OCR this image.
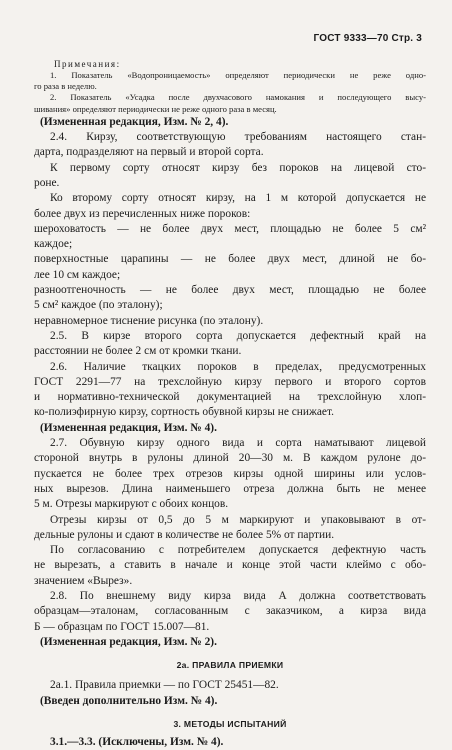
ГОСТ 9333—70 Стр. 3
Примечания:
1. Показатель «Водопроницаемость» определяют периодически не реже одно-
го раза в неделю.
2. Показатель «Усадка после двухчасового намокания и последующего высу-
шивания» определяют периодически не реже одного раза в месяц.
(Измененная редакция, Изм. № 2, 4).
2.4. Кирзу, соответствующую требованиям настоящего стан-
дарта, подразделяют на первый и второй сорта.
К первому сорту относят кирзу без пороков на лицевой сто-
роне.
Ко второму сорту относят кирзу, на 1 м которой допускается не
более двух из перечисленных ниже пороков:
шероховатость — не более двух мест, площадью не более 5 см²
каждое;
поверхностные царапины — не более двух мест, длиной не бо-
лее 10 см каждое;
разноотгеночность — не более двух мест, площадью не более
5 см² каждое (по эталону);
неравномерное тиснение рисунка (по эталону).
2.5. В кирзе второго сорта допускается дефектный край на
расстоянии не более 2 см от кромки ткани.
2.6. Наличие ткацких пороков в пределах, предусмотренных
ГОСТ 2291—77 на трехслойную кирзу первого и второго сортов
и нормативно-технической документацией на трехслойную хлоп-
ко-полиэфирную кирзу, сортность обувной кирзы не снижает.
(Измененная редакция, Изм. № 4).
2.7. Обувную кирзу одного вида и сорта наматывают лицевой
стороной внутрь в рулоны длиной 20—30 м. В каждом рулоне до-
пускается не более трех отрезов кирзы одной ширины или услов-
ных вырезов. Длина наименьшего отреза должна быть не менее
5 м. Отрезы маркируют с обоих концов.
Отрезы кирзы от 0,5 до 5 м маркируют и упаковывают в от-
дельные рулоны и сдают в количестве не более 5% от партии.
По согласованию с потребителем допускается дефектную часть
не вырезать, а ставить в начале и конце этой части клеймо с обо-
значением «Вырез».
2.8. По внешнему виду кирза вида А должна соответствовать
образцам—эталонам, согласованным с заказчиком, а кирза вида
Б — образцам по ГОСТ 15.007—81.
(Измененная редакция, Изм. № 2).
2а. ПРАВИЛА ПРИЕМКИ
2а.1. Правила приемки — по ГОСТ 25451—82.
(Введен дополнительно Изм. № 4).
3. МЕТОДЫ ИСПЫТАНИЙ
3.1.—3.3. (Исключены, Изм. № 4).
